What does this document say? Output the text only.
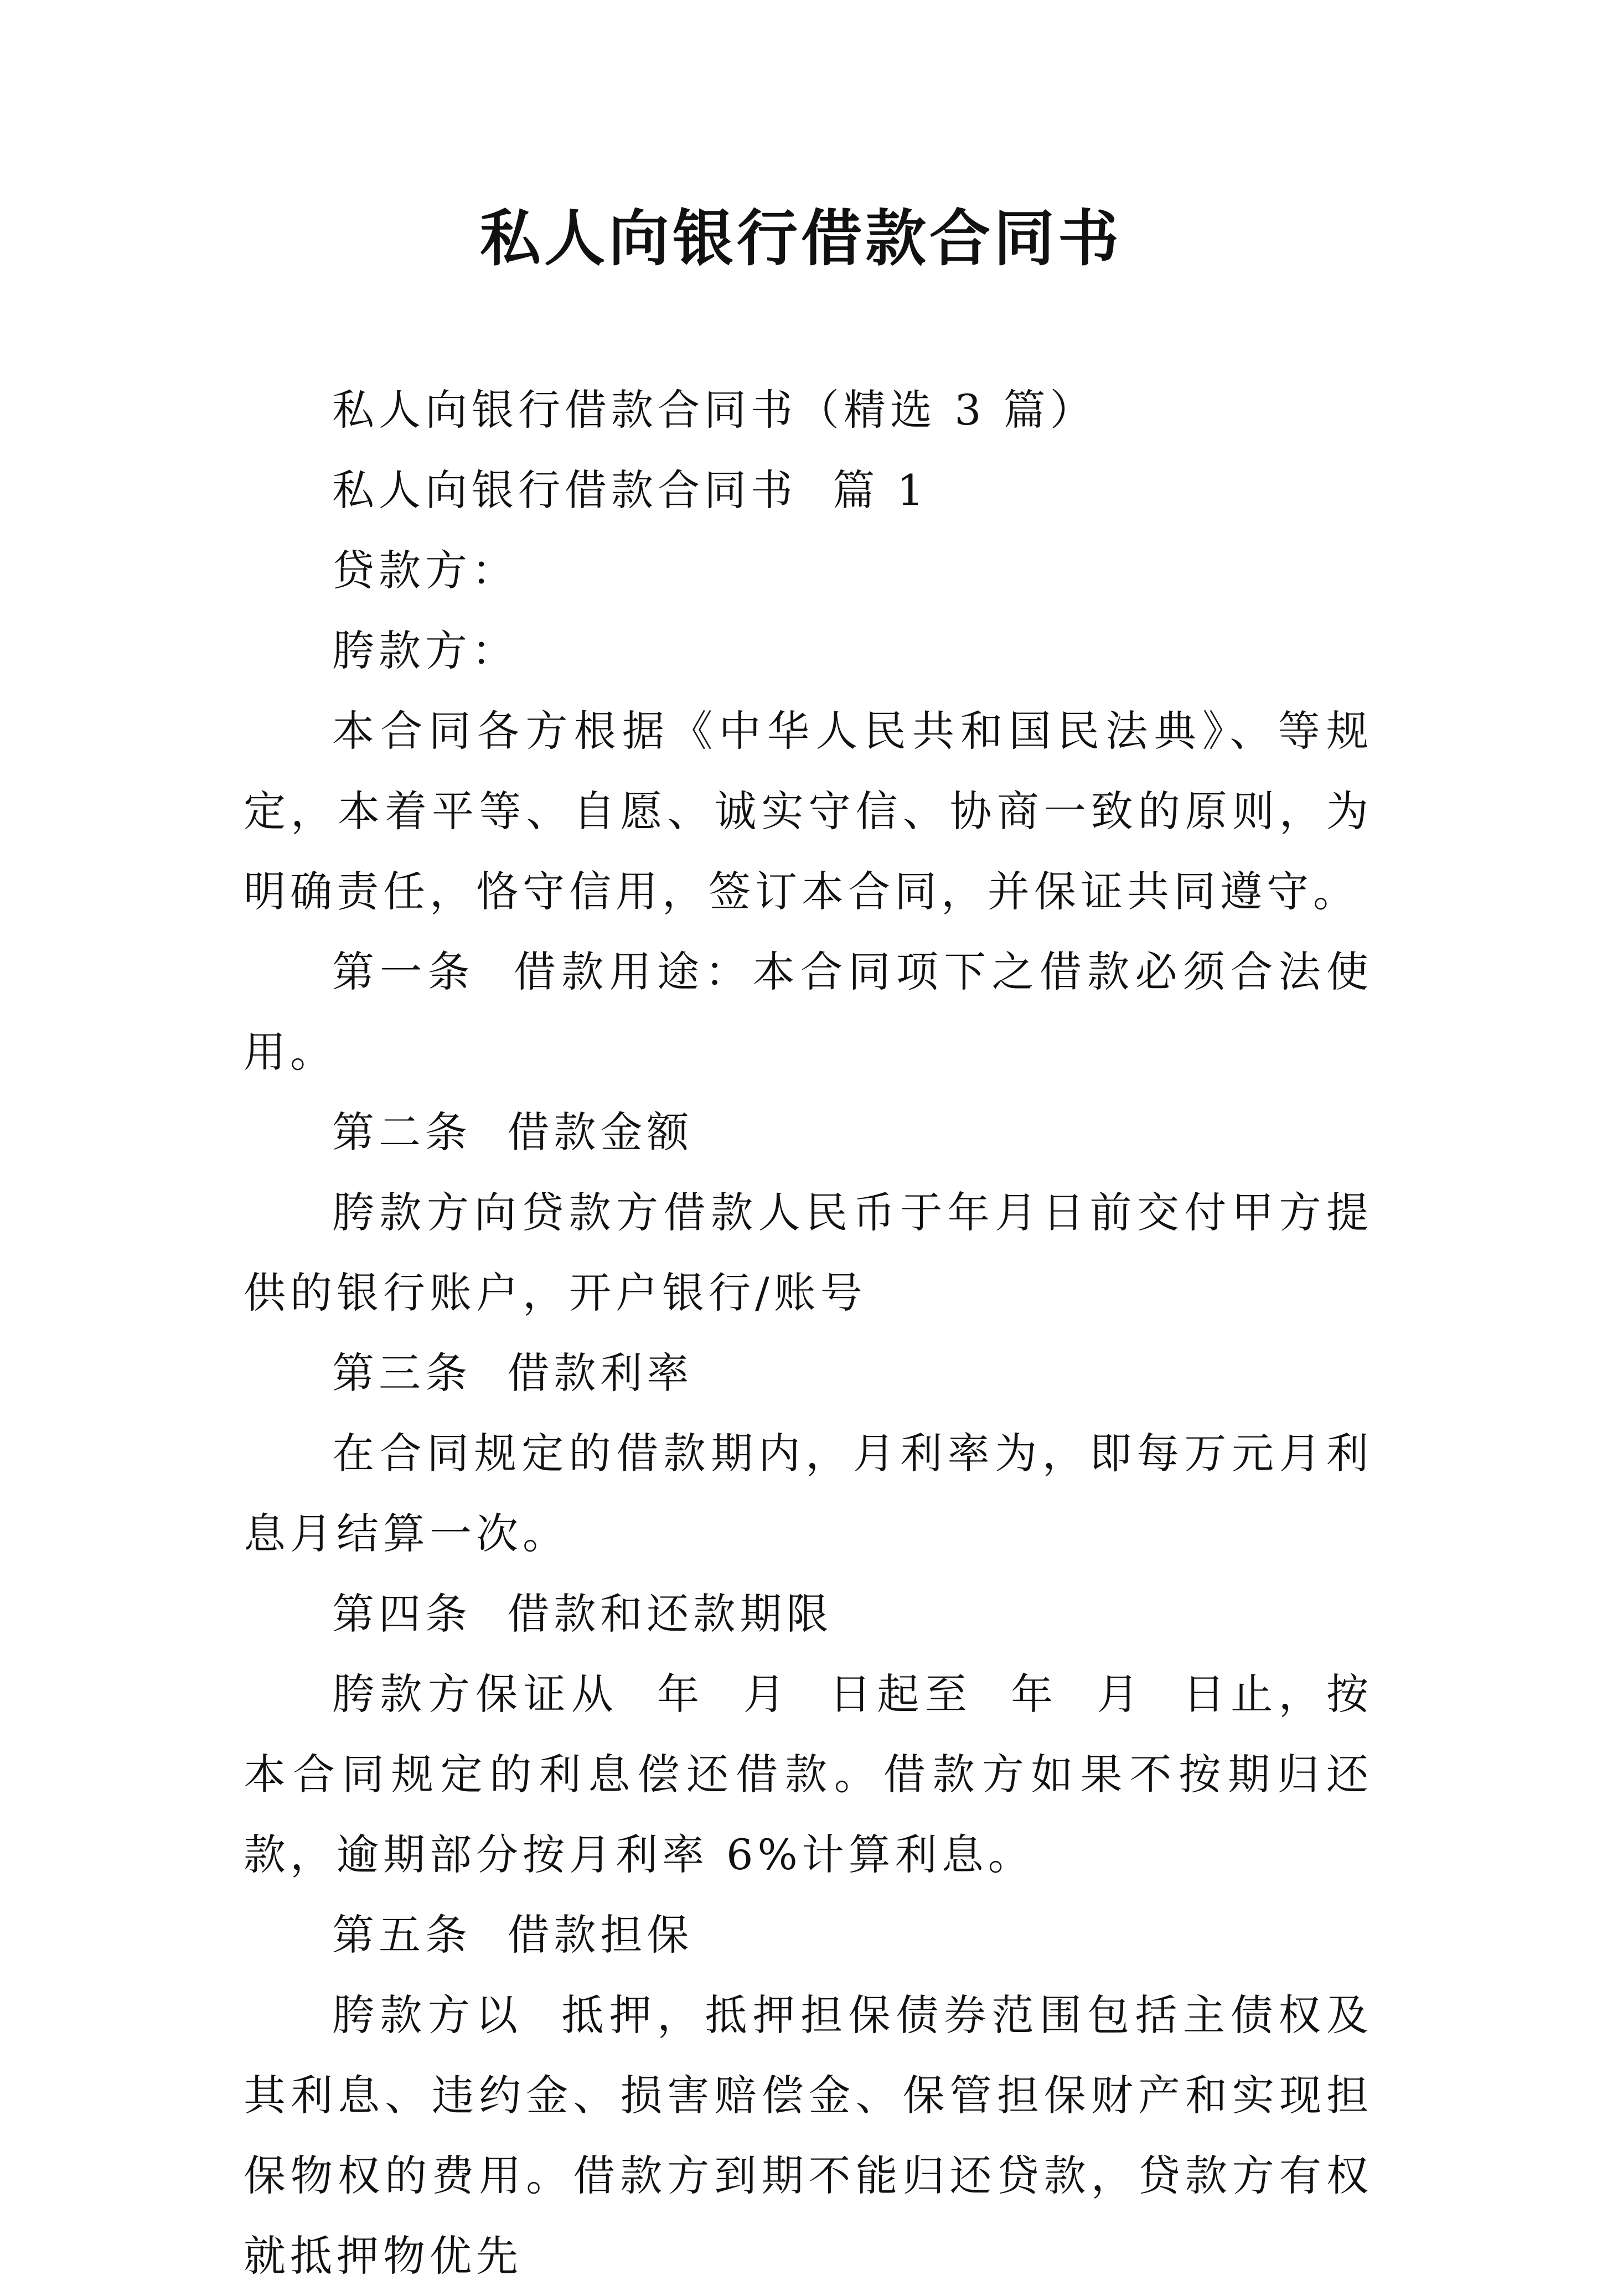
私人向银行借款合同书

私人向银行借款合同书（精选 3 篇）

私人向银行借款合同书  篇 1

贷款方：

胯款方：

本合同各方根据《中华人民共和国民法典》、等规定，本着平等、自愿、诚实守信、协商一致的原则，为明确责任，恪守信用，签订本合同，并保证共同遵守。

第一条  借款用途：本合同项下之借款必须合法使用。

第二条  借款金额

胯款方向贷款方借款人民币于年月日前交付甲方提供的银行账户，开户银行/账号

第三条  借款利率

在合同规定的借款期内，月利率为，即每万元月利息月结算一次。

第四条  借款和还款期限

胯款方保证从  年  月  日起至  年  月  日止，按本合同规定的利息偿还借款。借款方如果不按期归还款，逾期部分按月利率 6%计算利息。

第五条  借款担保

胯款方以  抵押，抵押担保债券范围包括主债权及其利息、违约金、损害赔偿金、保管担保财产和实现担保物权的费用。借款方到期不能归还贷款，贷款方有权就抵押物优先
